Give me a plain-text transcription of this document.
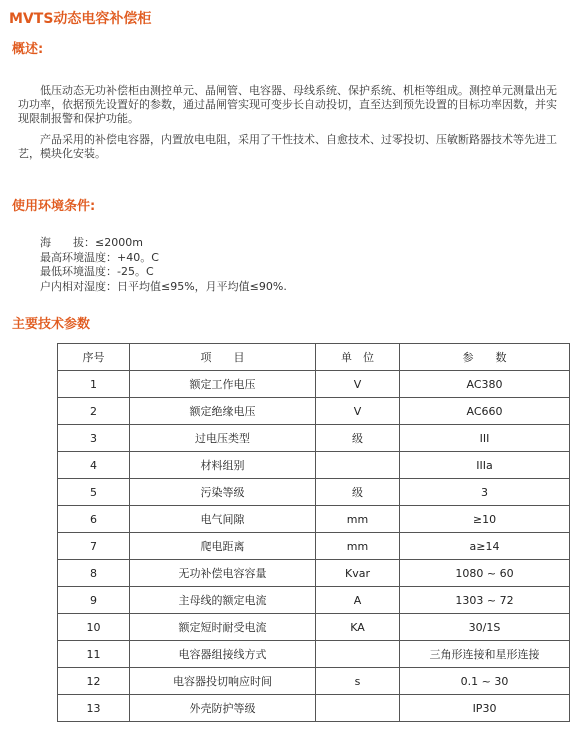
MVTS动态电容补偿柜
概述:

低压动态无功补偿柜由测控单元、晶闸管、电容器、母线系统、保护系统、机柜等组成。测控单元测量出无功功率，依据预先设置好的参数，通过晶闸管实现可变步长自动投切，直至达到预先设置的目标功率因数，并实现限制报警和保护功能。

产品采用的补偿电容器，内置放电电阻，采用了干性技术、自愈技术、过零投切、压敏断路器技术等先进工艺，模块化安装。

使用环境条件:

海　　拔：≤2000m

最高环境温度：+40。C

最低环境温度：-25。C

户内相对湿度：日平均值≤95%，月平均值≤90%.

主要技术参数
序号	项　　目	单　位	参　　数
1	额定工作电压	V	AC380
2	额定绝缘电压	V	AC660
3	过电压类型	级	III
4	材料组别		IIIa
5	污染等级	级	3
6	电气间隙	mm	≥10
7	爬电距离	mm	a≥14
8	无功补偿电容容量	Kvar	1080 ~ 60
9	主母线的额定电流	A	1303 ~ 72
10	额定短时耐受电流	KA	30/1S
11	电容器组接线方式		三角形连接和星形连接
12	电容器投切响应时间	s	0.1 ~ 30
13	外壳防护等级		IP30
